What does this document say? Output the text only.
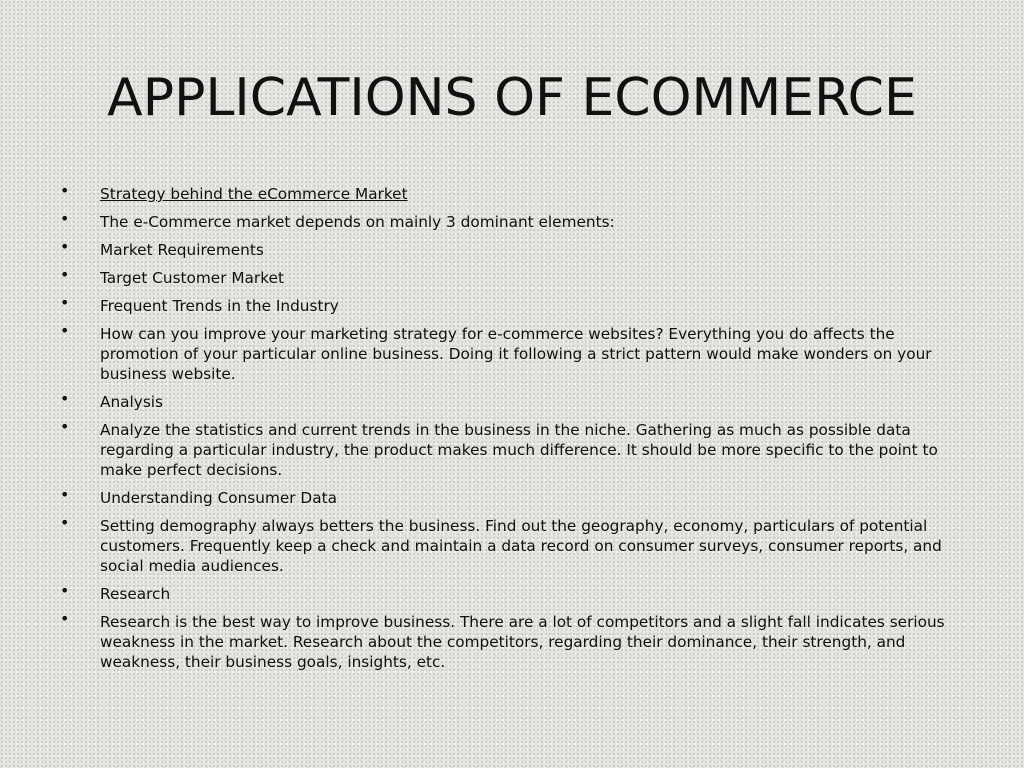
APPLICATIONS OF ECOMMERCE
•	Strategy behind the eCommerce Market
•	The e-Commerce market depends on mainly 3 dominant elements:
•	Market Requirements
•	Target Customer Market
•	Frequent Trends in the Industry
•	How can you improve your marketing strategy for e-commerce websites? Everything you do affects the promotion of your particular online business. Doing it following a strict pattern would make wonders on your business website.
•	Analysis
•	Analyze the statistics and current trends in the business in the niche. Gathering as much as possible data regarding a particular industry, the product makes much difference. It should be more specific to the point to make perfect decisions.
•	Understanding Consumer Data
•	Setting demography always betters the business. Find out the geography, economy, particulars of potential customers. Frequently keep a check and maintain a data record on consumer surveys, consumer reports, and social media audiences.
•	Research
•	Research is the best way to improve business. There are a lot of competitors and a slight fall indicates serious weakness in the market. Research about the competitors, regarding their dominance, their strength, and weakness, their business goals, insights, etc.
